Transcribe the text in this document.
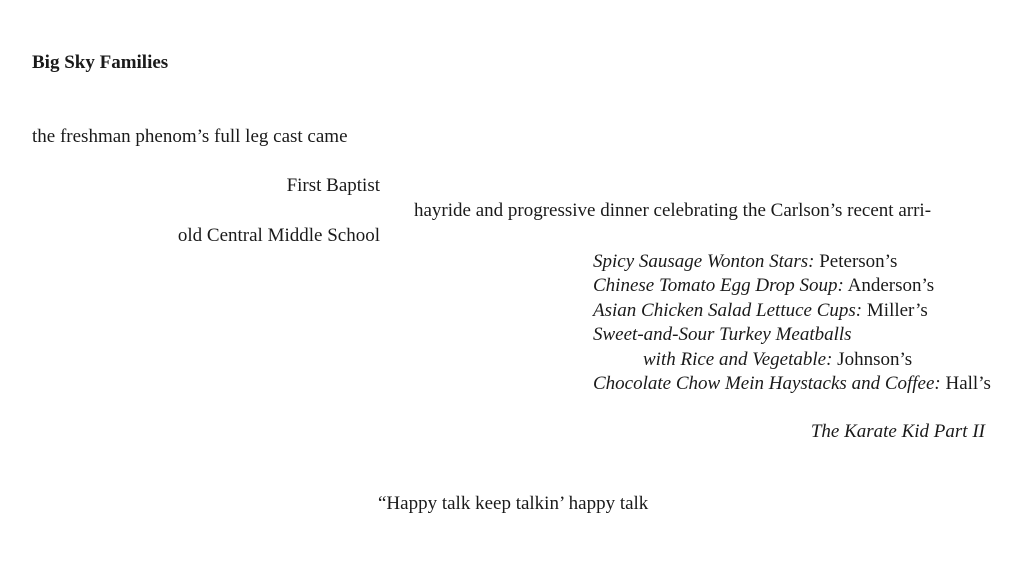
Big Sky Families
the freshman phenom’s full leg cast came
First Baptist
hayride and progressive dinner celebrating the Carlson’s recent arri-
old Central Middle School
Spicy Sausage Wonton Stars: Peterson’s
Chinese Tomato Egg Drop Soup: Anderson’s
Asian Chicken Salad Lettuce Cups: Miller’s
Sweet-and-Sour Turkey Meatballs
with Rice and Vegetable: Johnson’s
Chocolate Chow Mein Haystacks and Coffee: Hall’s
The Karate Kid Part II
“Happy talk keep talkin’ happy talk
